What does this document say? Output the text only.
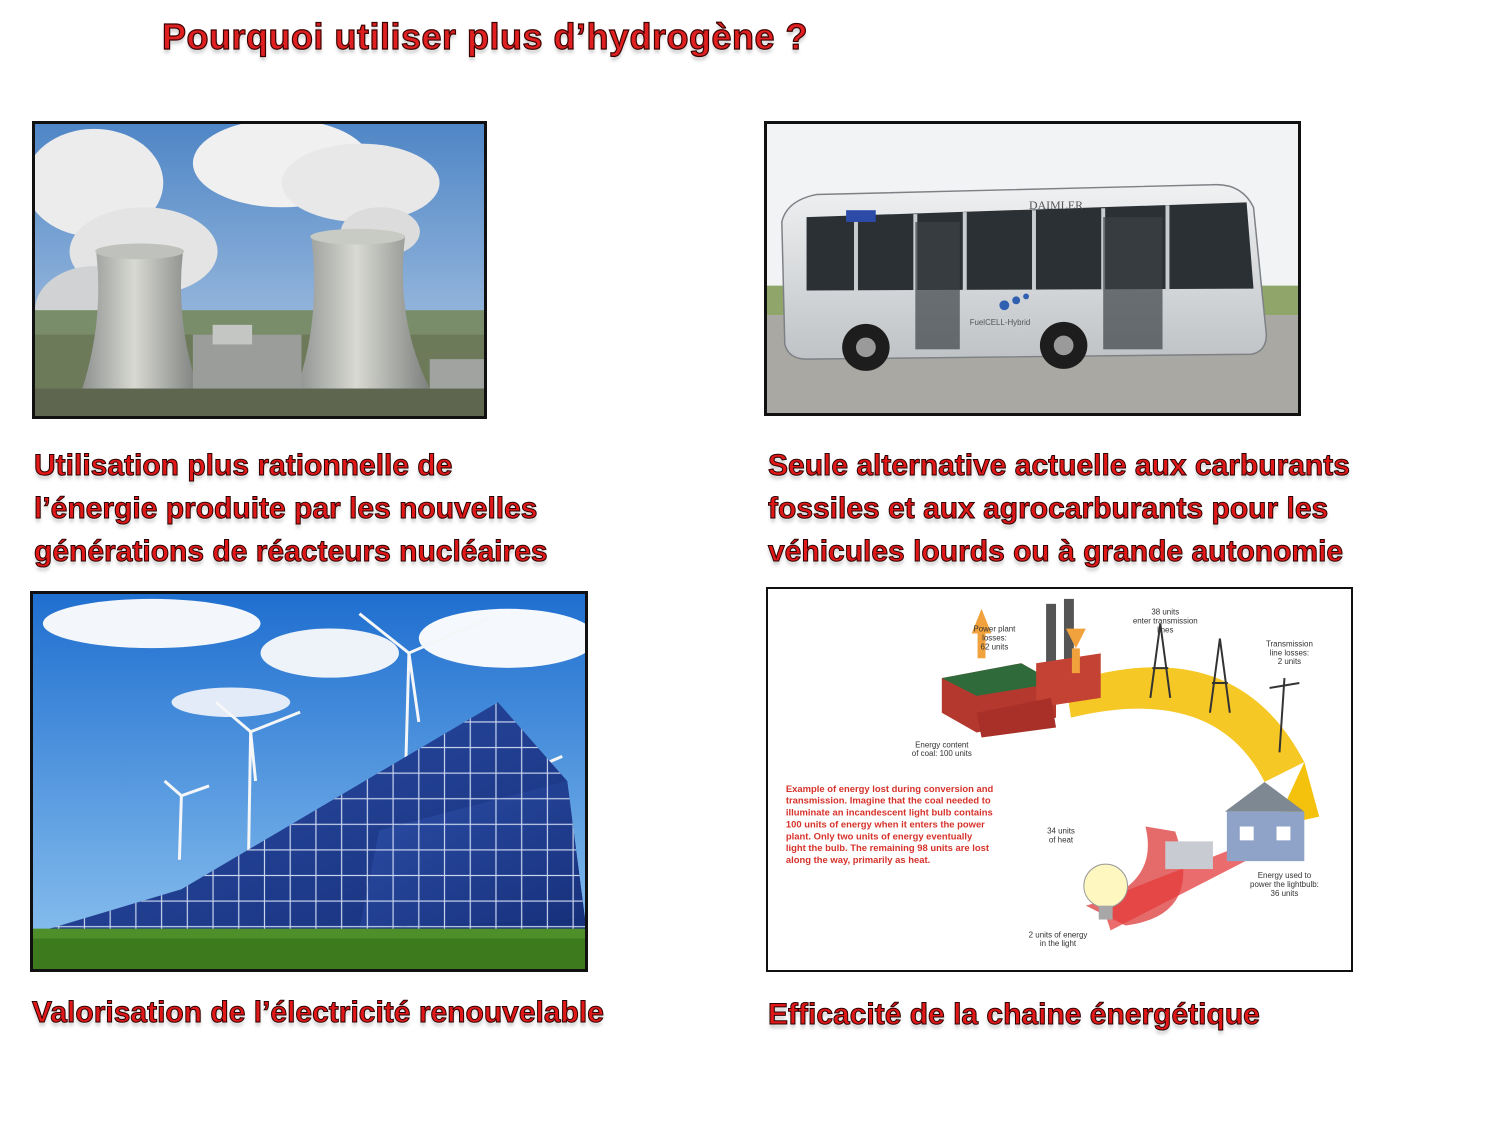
Pourquoi utiliser plus d’hydrogène ?
Utilisation plus rationnelle de
l’énergie produite par les nouvelles
générations de réacteurs nucléaires
DAIMLER
FuelCELL-Hybrid
Seule alternative actuelle aux carburants
fossiles et aux agrocarburants pour les
véhicules lourds ou à grande autonomie
Valorisation de l’électricité renouvelable
Power plant
losses:
62 units
38 units
enter transmission
lines
Transmission
line losses:
2 units
Energy content
of coal: 100 units
34 units
of heat
2 units of energy
in the light
Energy used to
power the lightbulb:
36 units
Example of energy lost during conversion and
transmission. Imagine that the coal needed to
illuminate an incandescent light bulb contains
100 units of energy when it enters the power
plant. Only two units of energy eventually
light the bulb. The remaining 98 units are lost
along the way, primarily as heat.
Efficacité de la chaine énergétique
